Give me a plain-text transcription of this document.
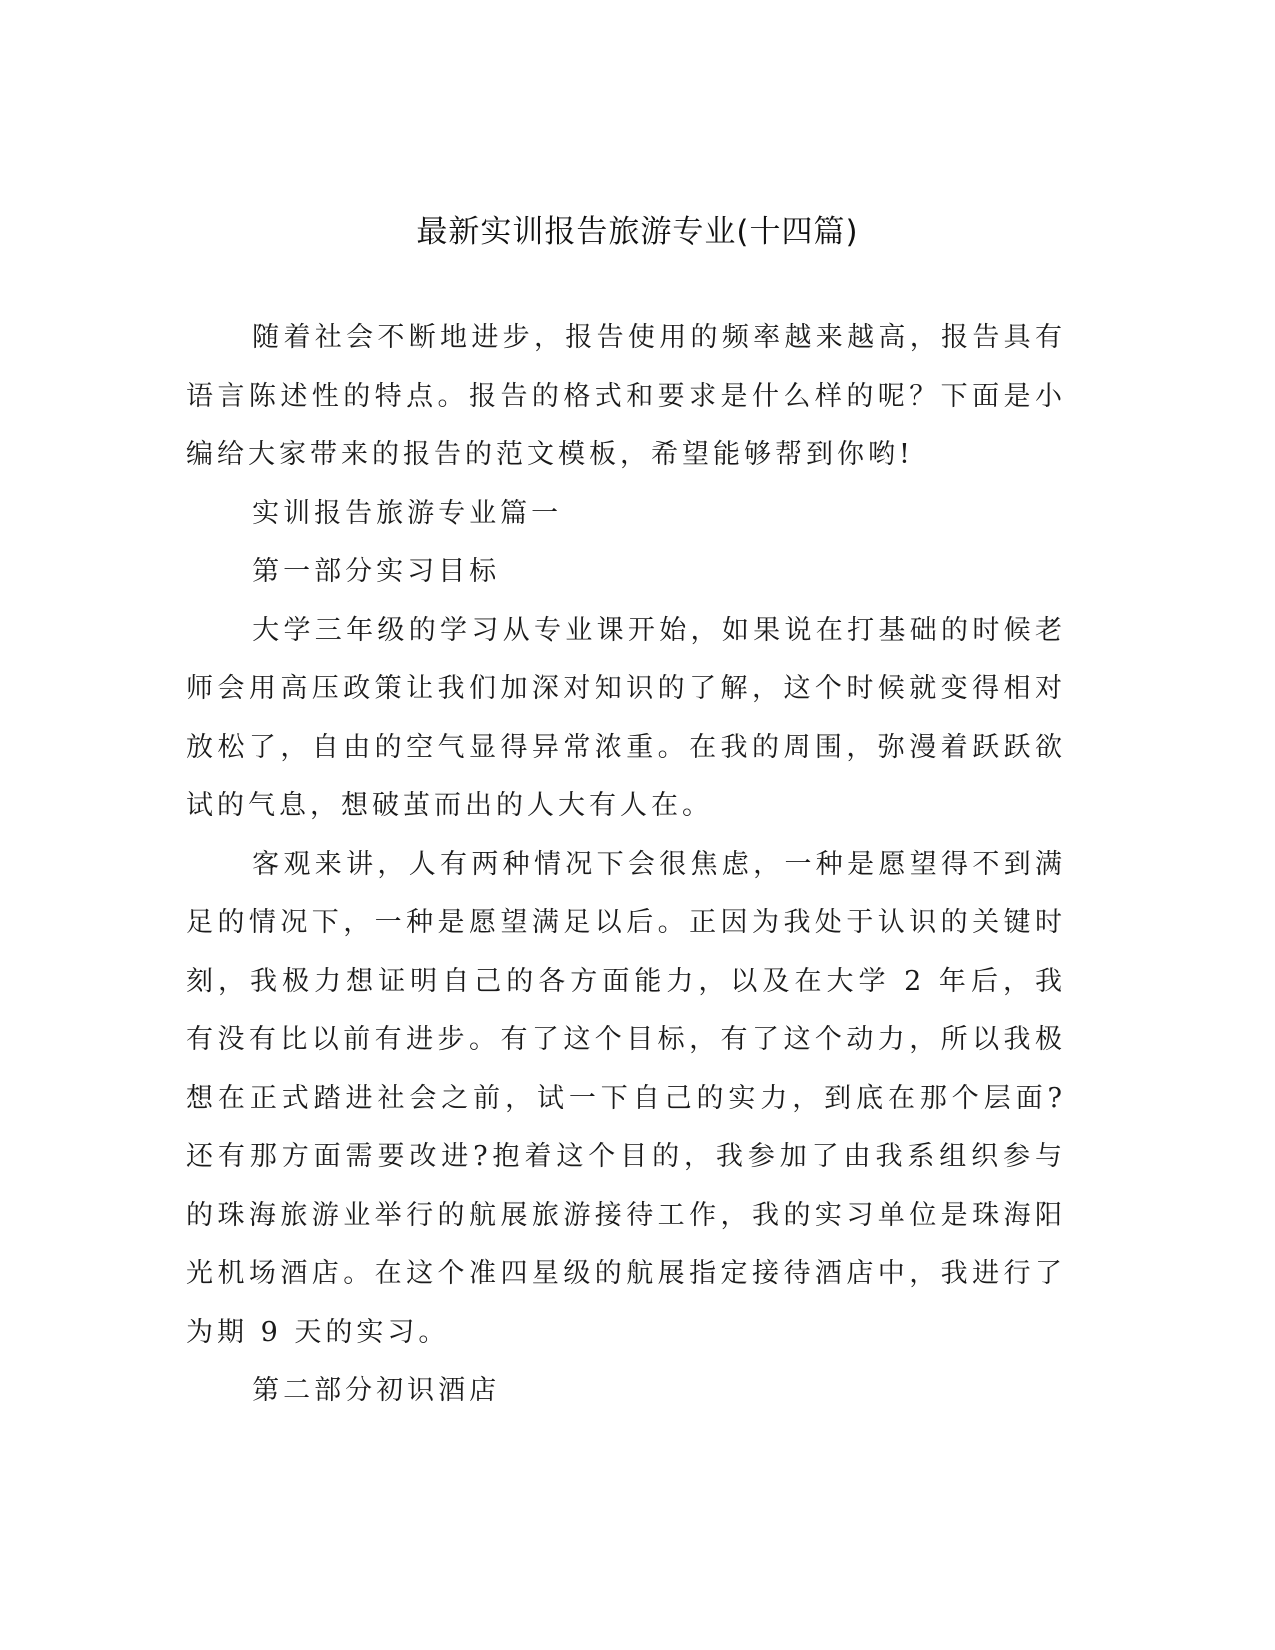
最新实训报告旅游专业(十四篇)

随着社会不断地进步，报告使用的频率越来越高，报告具有语言陈述性的特点。报告的格式和要求是什么样的呢？下面是小编给大家带来的报告的范文模板，希望能够帮到你哟!

实训报告旅游专业篇一

第一部分实习目标

大学三年级的学习从专业课开始，如果说在打基础的时候老师会用高压政策让我们加深对知识的了解，这个时候就变得相对放松了，自由的空气显得异常浓重。在我的周围，弥漫着跃跃欲试的气息，想破茧而出的人大有人在。

客观来讲，人有两种情况下会很焦虑，一种是愿望得不到满足的情况下，一种是愿望满足以后。正因为我处于认识的关键时刻，我极力想证明自己的各方面能力，以及在大学 2 年后，我有没有比以前有进步。有了这个目标，有了这个动力，所以我极想在正式踏进社会之前，试一下自己的实力，到底在那个层面?还有那方面需要改进?抱着这个目的，我参加了由我系组织参与的珠海旅游业举行的航展旅游接待工作，我的实习单位是珠海阳光机场酒店。在这个准四星级的航展指定接待酒店中，我进行了为期 9 天的实习。

第二部分初识酒店
